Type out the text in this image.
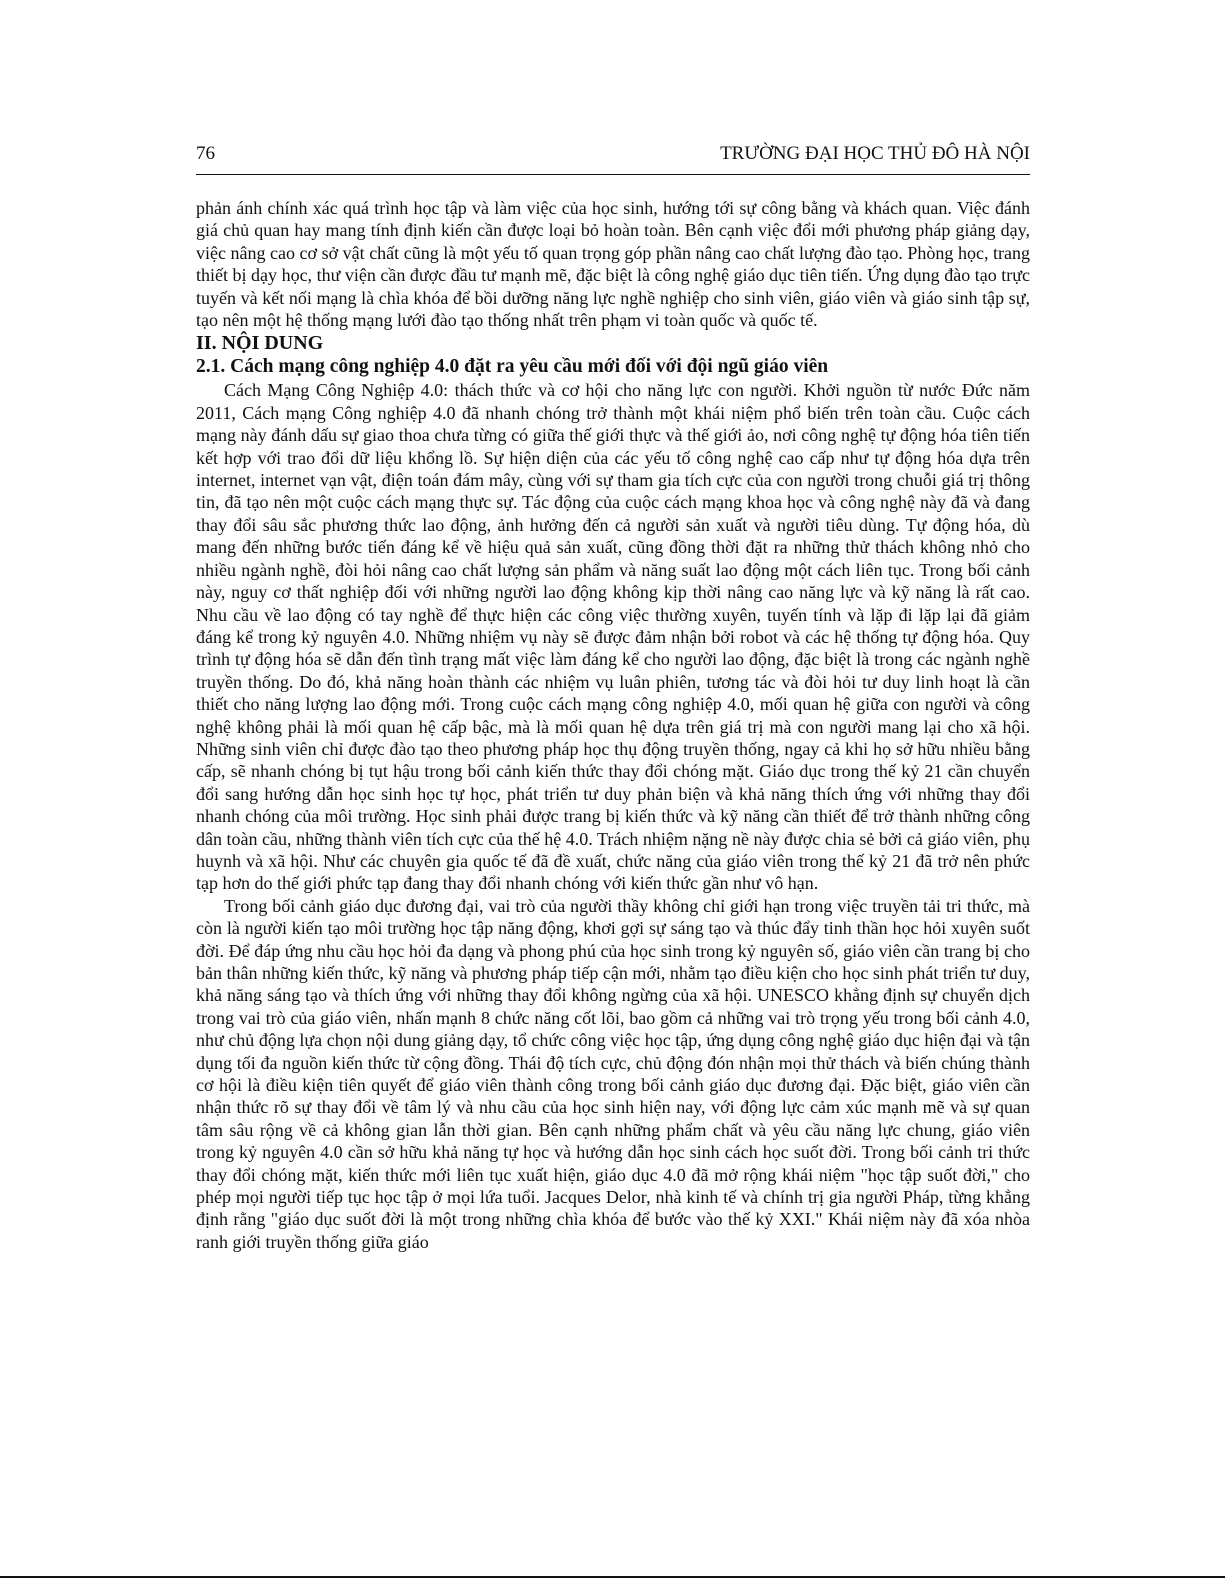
76	TRƯỜNG ĐẠI HỌC THỦ ĐÔ HÀ NỘI

phản ánh chính xác quá trình học tập và làm việc của học sinh, hướng tới sự công bằng và khách quan. Việc đánh giá chủ quan hay mang tính định kiến cần được loại bỏ hoàn toàn. Bên cạnh việc đổi mới phương pháp giảng dạy, việc nâng cao cơ sở vật chất cũng là một yếu tố quan trọng góp phần nâng cao chất lượng đào tạo. Phòng học, trang thiết bị dạy học, thư viện cần được đầu tư mạnh mẽ, đặc biệt là công nghệ giáo dục tiên tiến. Ứng dụng đào tạo trực tuyến và kết nối mạng là chìa khóa để bồi dưỡng năng lực nghề nghiệp cho sinh viên, giáo viên và giáo sinh tập sự, tạo nên một hệ thống mạng lưới đào tạo thống nhất trên phạm vi toàn quốc và quốc tế.

II. NỘI DUNG
2.1. Cách mạng công nghiệp 4.0 đặt ra yêu cầu mới đối với đội ngũ giáo viên

Cách Mạng Công Nghiệp 4.0: thách thức và cơ hội cho năng lực con người. Khởi nguồn từ nước Đức năm 2011, Cách mạng Công nghiệp 4.0 đã nhanh chóng trở thành một khái niệm phổ biến trên toàn cầu. Cuộc cách mạng này đánh dấu sự giao thoa chưa từng có giữa thế giới thực và thế giới ảo, nơi công nghệ tự động hóa tiên tiến kết hợp với trao đổi dữ liệu khổng lồ. Sự hiện diện của các yếu tố công nghệ cao cấp như tự động hóa dựa trên internet, internet vạn vật, điện toán đám mây, cùng với sự tham gia tích cực của con người trong chuỗi giá trị thông tin, đã tạo nên một cuộc cách mạng thực sự. Tác động của cuộc cách mạng khoa học và công nghệ này đã và đang thay đổi sâu sắc phương thức lao động, ảnh hưởng đến cả người sản xuất và người tiêu dùng. Tự động hóa, dù mang đến những bước tiến đáng kể về hiệu quả sản xuất, cũng đồng thời đặt ra những thử thách không nhỏ cho nhiều ngành nghề, đòi hỏi nâng cao chất lượng sản phẩm và năng suất lao động một cách liên tục. Trong bối cảnh này, nguy cơ thất nghiệp đối với những người lao động không kịp thời nâng cao năng lực và kỹ năng là rất cao. Nhu cầu về lao động có tay nghề để thực hiện các công việc thường xuyên, tuyến tính và lặp đi lặp lại đã giảm đáng kể trong kỷ nguyên 4.0. Những nhiệm vụ này sẽ được đảm nhận bởi robot và các hệ thống tự động hóa. Quy trình tự động hóa sẽ dẫn đến tình trạng mất việc làm đáng kể cho người lao động, đặc biệt là trong các ngành nghề truyền thống. Do đó, khả năng hoàn thành các nhiệm vụ luân phiên, tương tác và đòi hỏi tư duy linh hoạt là cần thiết cho năng lượng lao động mới. Trong cuộc cách mạng công nghiệp 4.0, mối quan hệ giữa con người và công nghệ không phải là mối quan hệ cấp bậc, mà là mối quan hệ dựa trên giá trị mà con người mang lại cho xã hội. Những sinh viên chỉ được đào tạo theo phương pháp học thụ động truyền thống, ngay cả khi họ sở hữu nhiều bằng cấp, sẽ nhanh chóng bị tụt hậu trong bối cảnh kiến thức thay đổi chóng mặt. Giáo dục trong thế kỷ 21 cần chuyển đổi sang hướng dẫn học sinh học tự học, phát triển tư duy phản biện và khả năng thích ứng với những thay đổi nhanh chóng của môi trường. Học sinh phải được trang bị kiến thức và kỹ năng cần thiết để trở thành những công dân toàn cầu, những thành viên tích cực của thế hệ 4.0. Trách nhiệm nặng nề này được chia sẻ bởi cả giáo viên, phụ huynh và xã hội. Như các chuyên gia quốc tế đã đề xuất, chức năng của giáo viên trong thế kỷ 21 đã trở nên phức tạp hơn do thế giới phức tạp đang thay đổi nhanh chóng với kiến thức gần như vô hạn.

Trong bối cảnh giáo dục đương đại, vai trò của người thầy không chỉ giới hạn trong việc truyền tải tri thức, mà còn là người kiến tạo môi trường học tập năng động, khơi gợi sự sáng tạo và thúc đẩy tinh thần học hỏi xuyên suốt đời. Để đáp ứng nhu cầu học hỏi đa dạng và phong phú của học sinh trong kỷ nguyên số, giáo viên cần trang bị cho bản thân những kiến thức, kỹ năng và phương pháp tiếp cận mới, nhằm tạo điều kiện cho học sinh phát triển tư duy, khả năng sáng tạo và thích ứng với những thay đổi không ngừng của xã hội. UNESCO khẳng định sự chuyển dịch trong vai trò của giáo viên, nhấn mạnh 8 chức năng cốt lõi, bao gồm cả những vai trò trọng yếu trong bối cảnh 4.0, như chủ động lựa chọn nội dung giảng dạy, tổ chức công việc học tập, ứng dụng công nghệ giáo dục hiện đại và tận dụng tối đa nguồn kiến thức từ cộng đồng. Thái độ tích cực, chủ động đón nhận mọi thử thách và biến chúng thành cơ hội là điều kiện tiên quyết để giáo viên thành công trong bối cảnh giáo dục đương đại. Đặc biệt, giáo viên cần nhận thức rõ sự thay đổi về tâm lý và nhu cầu của học sinh hiện nay, với động lực cảm xúc mạnh mẽ và sự quan tâm sâu rộng về cả không gian lẫn thời gian. Bên cạnh những phẩm chất và yêu cầu năng lực chung, giáo viên trong kỷ nguyên 4.0 cần sở hữu khả năng tự học và hướng dẫn học sinh cách học suốt đời. Trong bối cảnh tri thức thay đổi chóng mặt, kiến thức mới liên tục xuất hiện, giáo dục 4.0 đã mở rộng khái niệm "học tập suốt đời," cho phép mọi người tiếp tục học tập ở mọi lứa tuổi. Jacques Delor, nhà kinh tế và chính trị gia người Pháp, từng khẳng định rằng "giáo dục suốt đời là một trong những chìa khóa để bước vào thế kỷ XXI." Khái niệm này đã xóa nhòa ranh giới truyền thống giữa giáo
